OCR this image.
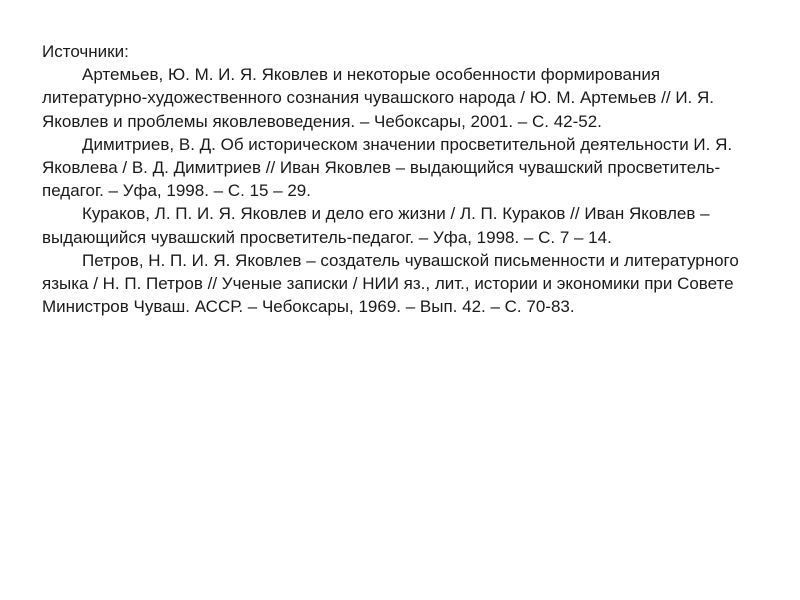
Источники:

Артемьев, Ю. М. И. Я. Яковлев и некоторые особенности формирования литературно-художественного сознания чувашского народа / Ю. М. Артемьев // И. Я. Яковлев и проблемы яковлевоведения. – Чебоксары, 2001. – С. 42-52.
Димитриев, В. Д. Об историческом значении просветительной деятельности И. Я. Яковлева / В. Д. Димитриев // Иван Яковлев – выдающийся чувашский просветитель-педагог. – Уфа, 1998. – С. 15 – 29.
Кураков, Л. П. И. Я. Яковлев и дело его жизни / Л. П. Кураков // Иван Яковлев – выдающийся чувашский просветитель-педагог. – Уфа, 1998. – С. 7 – 14.
Петров, Н. П. И. Я. Яковлев – создатель чувашской письменности и литературного языка / Н. П. Петров // Ученые записки / НИИ яз., лит., истории и экономики при Совете Министров Чуваш. АССР. – Чебоксары, 1969. – Вып. 42. – С. 70-83.
